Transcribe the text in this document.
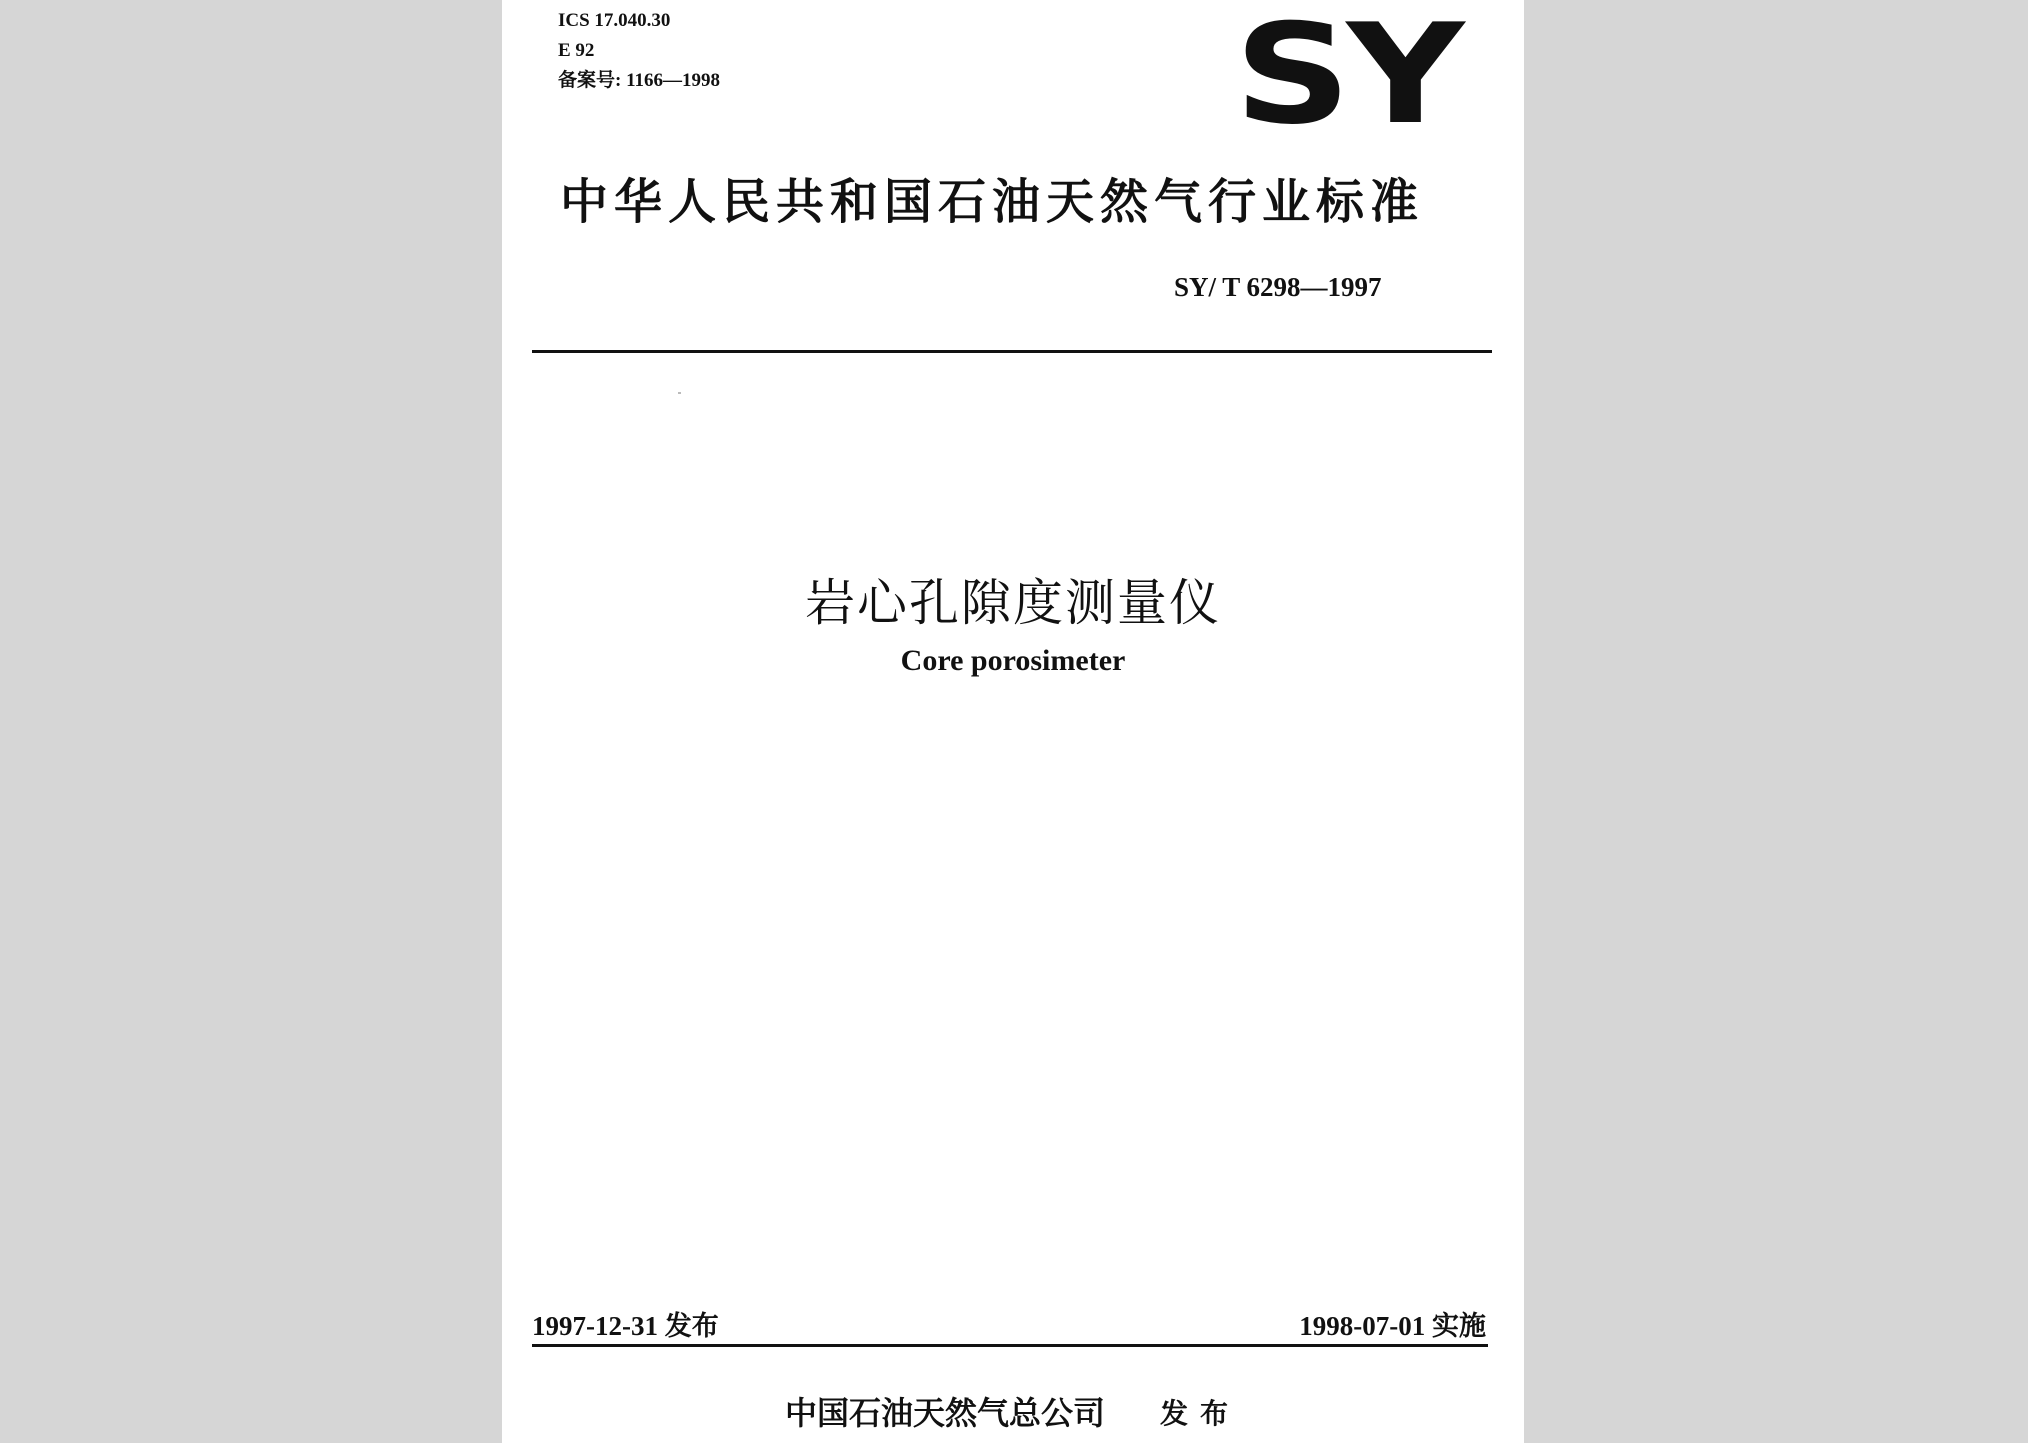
ICS 17.040.30
E 92
备案号: 1166—1998	SY
中华人民共和国石油天然气行业标准
SY/ T 6298—1997
岩心孔隙度测量仪
Core porosimeter
1997-12-31 发布	1998-07-01 实施
中国石油天然气总公司 发布
